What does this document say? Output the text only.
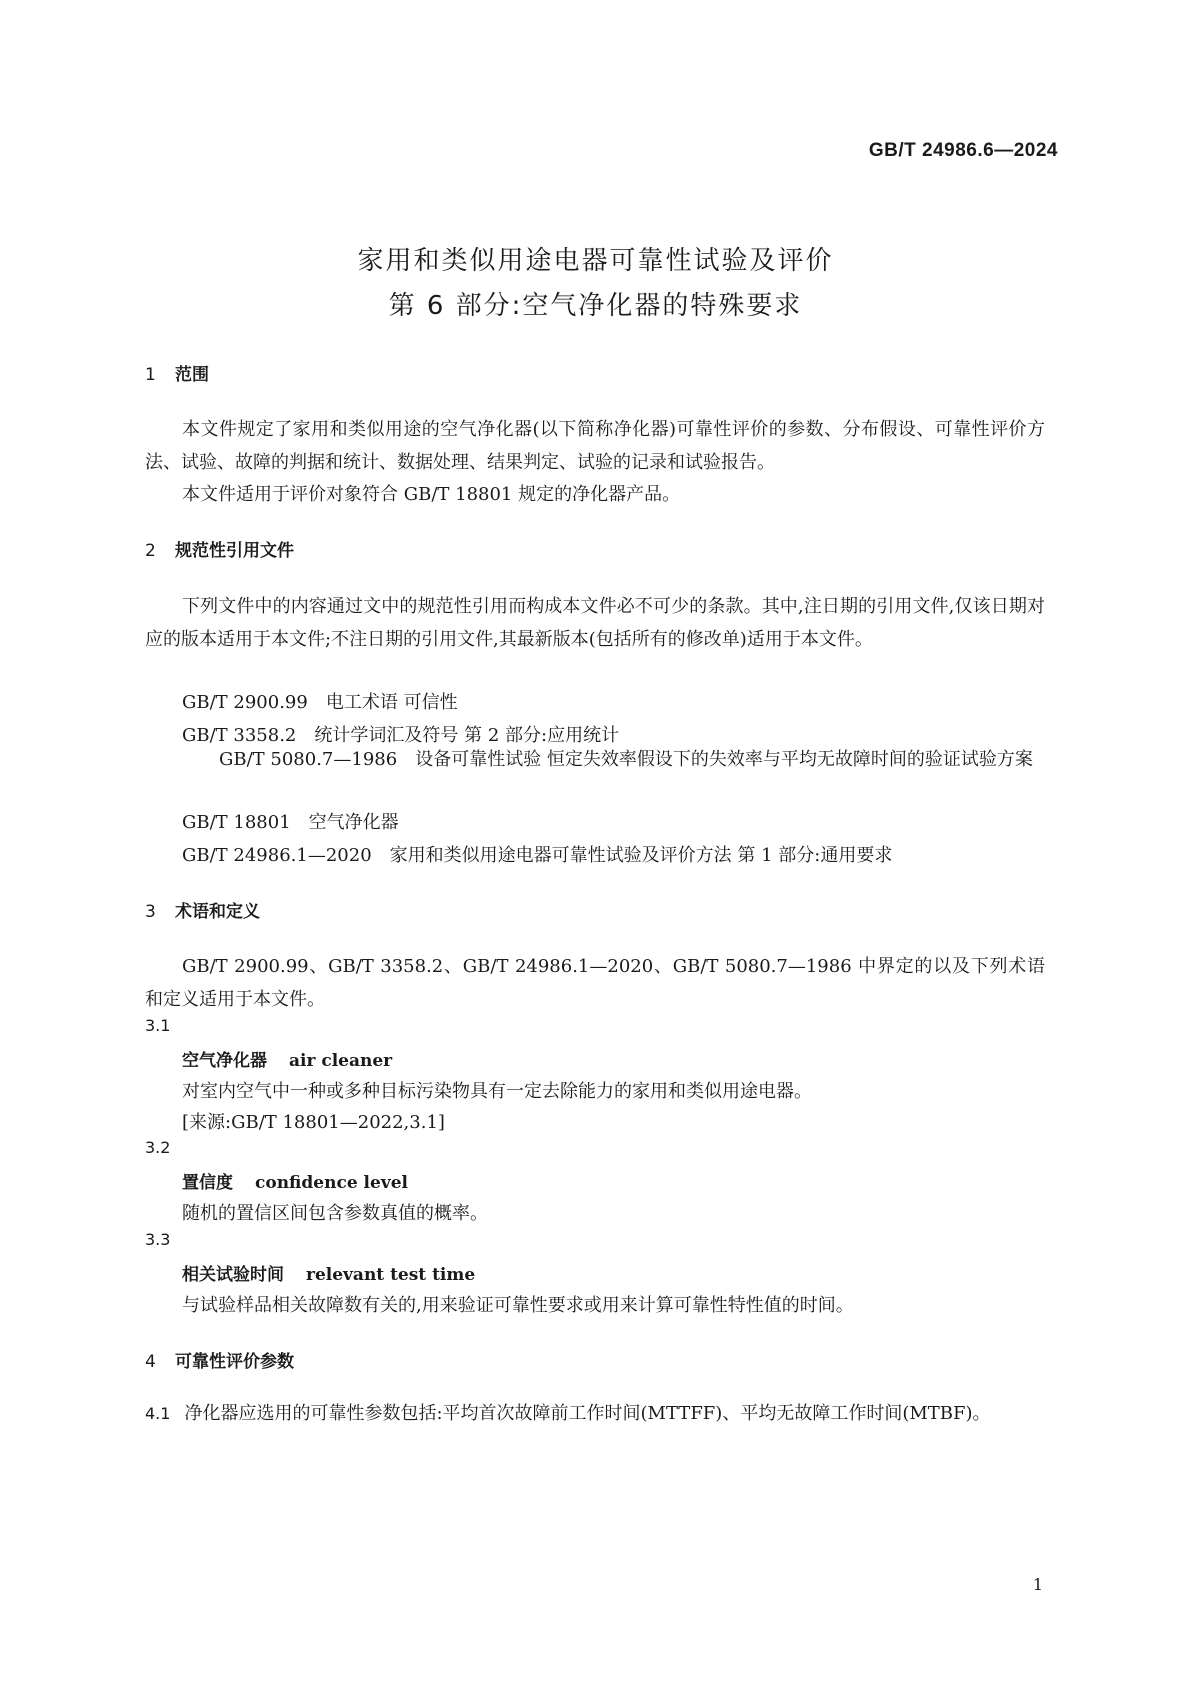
GB/T 24986.6—2024
家用和类似用途电器可靠性试验及评价
第 6 部分:空气净化器的特殊要求
1 范围
本文件规定了家用和类似用途的空气净化器(以下简称净化器)可靠性评价的参数、分布假设、可靠性评价方法、试验、故障的判据和统计、数据处理、结果判定、试验的记录和试验报告。
本文件适用于评价对象符合 GB/T 18801 规定的净化器产品。
2 规范性引用文件
下列文件中的内容通过文中的规范性引用而构成本文件必不可少的条款。其中,注日期的引用文件,仅该日期对应的版本适用于本文件;不注日期的引用文件,其最新版本(包括所有的修改单)适用于本文件。
GB/T 2900.99 电工术语 可信性
GB/T 3358.2 统计学词汇及符号 第 2 部分:应用统计
GB/T 5080.7—1986 设备可靠性试验 恒定失效率假设下的失效率与平均无故障时间的验证试验方案
GB/T 18801 空气净化器
GB/T 24986.1—2020 家用和类似用途电器可靠性试验及评价方法 第 1 部分:通用要求
3 术语和定义
GB/T 2900.99、GB/T 3358.2、GB/T 24986.1—2020、GB/T 5080.7—1986 中界定的以及下列术语和定义适用于本文件。
3.1
空气净化器 air cleaner
对室内空气中一种或多种目标污染物具有一定去除能力的家用和类似用途电器。
[来源:GB/T 18801—2022,3.1]
3.2
置信度 confidence level
随机的置信区间包含参数真值的概率。
3.3
相关试验时间 relevant test time
与试验样品相关故障数有关的,用来验证可靠性要求或用来计算可靠性特性值的时间。
4 可靠性评价参数
4.1 净化器应选用的可靠性参数包括:平均首次故障前工作时间(MTTFF)、平均无故障工作时间(MTBF)。
1
